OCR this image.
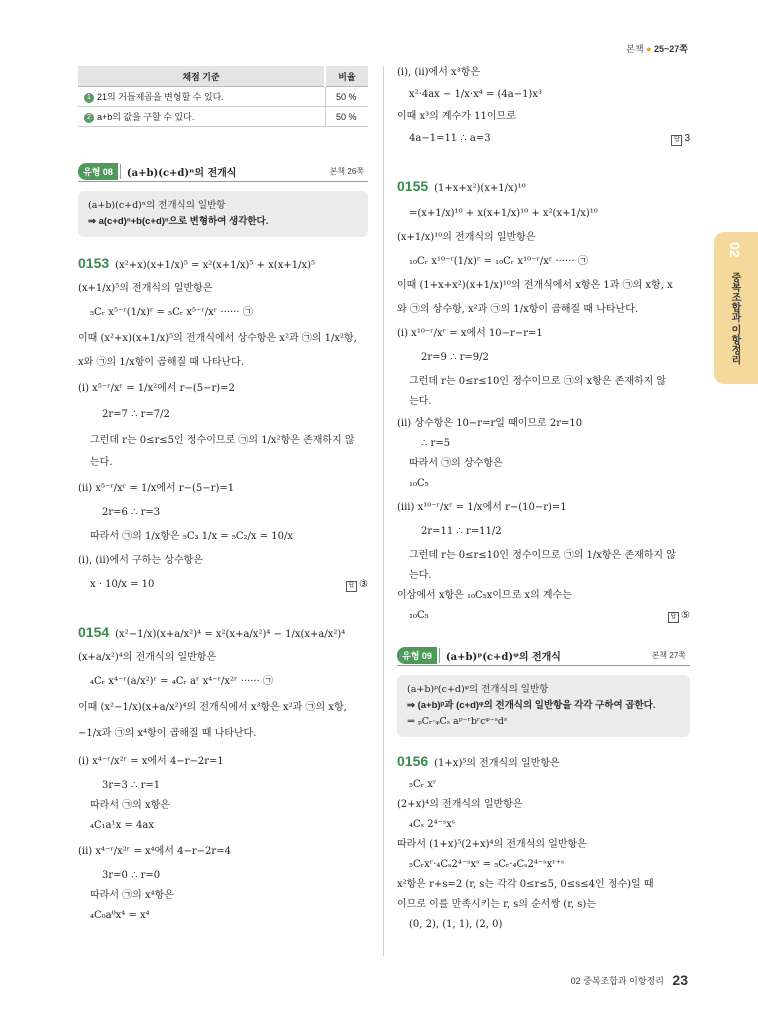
본책 ● 25~27쪽
채점 기준	비율
1 21의 거듭제곱을 변형할 수 있다.	50 %
2 a+b의 값을 구할 수 있다.	50 %
유형 08	(a+b)(c+d)ⁿ의 전개식	본책 26쪽
(a+b)(c+d)ⁿ의 전개식의 일반항
⇒ a(c+d)ⁿ+b(c+d)ⁿ으로 변형하여 생각한다.
0153 (x²+x)(x+1/x)⁵ = x²(x+1/x)⁵ + x(x+1/x)⁵
(x+1/x)⁵의 전개식의 일반항은
₅Cᵣ x⁵⁻ʳ(1/x)ʳ = ₅Cᵣ x⁵⁻ʳ/xʳ ······ ㉠
이때 (x²+x)(x+1/x)⁵의 전개식에서 상수항은 x²과 ㉠의 1/x²항,
x와 ㉠의 1/x항이 곱해질 때 나타난다.
(i) x⁵⁻ʳ/xʳ = 1/x²에서 r−(5−r)=2
2r=7 ∴ r=7/2
그런데 r는 0≤r≤5인 정수이므로 ㉠의 1/x²항은 존재하지 않
는다.
(ii) x⁵⁻ʳ/xʳ = 1/x에서 r−(5−r)=1
2r=6 ∴ r=3
따라서 ㉠의 1/x항은 ₅C₃ 1/x = ₅C₂/x = 10/x
(i), (ii)에서 구하는 상수항은
x · 10/x = 10	답 ③
0154 (x²−1/x)(x+a/x²)⁴ = x²(x+a/x²)⁴ − 1/x(x+a/x²)⁴
(x+a/x²)⁴의 전개식의 일반항은
₄Cᵣ x⁴⁻ʳ(a/x²)ʳ = ₄Cᵣ aʳ x⁴⁻ʳ/x²ʳ ······ ㉠
이때 (x²−1/x)(x+a/x²)⁴의 전개식에서 x³항은 x²과 ㉠의 x항,
−1/x과 ㉠의 x⁴항이 곱해질 때 나타난다.
(i) x⁴⁻ʳ/x²ʳ = x에서 4−r−2r=1
3r=3 ∴ r=1
따라서 ㉠의 x항은
₄C₁a¹x = 4ax
(ii) x⁴⁻ʳ/x²ʳ = x⁴에서 4−r−2r=4
3r=0 ∴ r=0
따라서 ㉠의 x⁴항은
₄C₀a⁰x⁴ = x⁴
(i), (ii)에서 x³항은
x²·4ax − 1/x·x⁴ = (4a−1)x³
이때 x³의 계수가 11이므로
4a−1=11 ∴ a=3	답 3
0155 (1+x+x²)(x+1/x)¹⁰
=(x+1/x)¹⁰ + x(x+1/x)¹⁰ + x²(x+1/x)¹⁰
(x+1/x)¹⁰의 전개식의 일반항은
₁₀Cᵣ x¹⁰⁻ʳ(1/x)ʳ = ₁₀Cᵣ x¹⁰⁻ʳ/xʳ ······ ㉠
이때 (1+x+x²)(x+1/x)¹⁰의 전개식에서 x항은 1과 ㉠의 x항, x
와 ㉠의 상수항, x²과 ㉠의 1/x항이 곱해질 때 나타난다.
(i) x¹⁰⁻ʳ/xʳ = x에서 10−r−r=1
2r=9 ∴ r=9/2
그런데 r는 0≤r≤10인 정수이므로 ㉠의 x항은 존재하지 않
는다.
(ii) 상수항은 10−r=r일 때이므로 2r=10
∴ r=5
따라서 ㉠의 상수항은
₁₀C₅
(iii) x¹⁰⁻ʳ/xʳ = 1/x에서 r−(10−r)=1
2r=11 ∴ r=11/2
그런데 r는 0≤r≤10인 정수이므로 ㉠의 1/x항은 존재하지 않
는다.
이상에서 x항은 ₁₀C₅x이므로 x의 계수는
₁₀C₅	답 ⑤
유형 09	(a+b)ᵖ(c+d)ᵠ의 전개식	본책 27쪽
(a+b)ᵖ(c+d)ᵠ의 전개식의 일반항
⇒ (a+b)ᵖ과 (c+d)ᵠ의 전개식의 일반항을 각각 구하여 곱한다.
⇒ ₚCᵣ·ᵩCₛ aᵖ⁻ʳbʳcᵠ⁻ˢdˢ
0156 (1+x)⁵의 전개식의 일반항은
₅Cᵣ xʳ
(2+x)⁴의 전개식의 일반항은
₄Cₛ 2⁴⁻ˢxˢ
따라서 (1+x)⁵(2+x)⁴의 전개식의 일반항은
₅Cᵣxʳ·₄Cₛ2⁴⁻ˢxˢ = ₅Cᵣ·₄Cₛ2⁴⁻ˢxʳ⁺ˢ
x²항은 r+s=2 (r, s는 각각 0≤r≤5, 0≤s≤4인 정수)일 때
이므로 이를 만족시키는 r, s의 순서쌍 (r, s)는
(0, 2), (1, 1), (2, 0)
02
중복조합과 이항정리
02 중복조합과 이항정리 23
